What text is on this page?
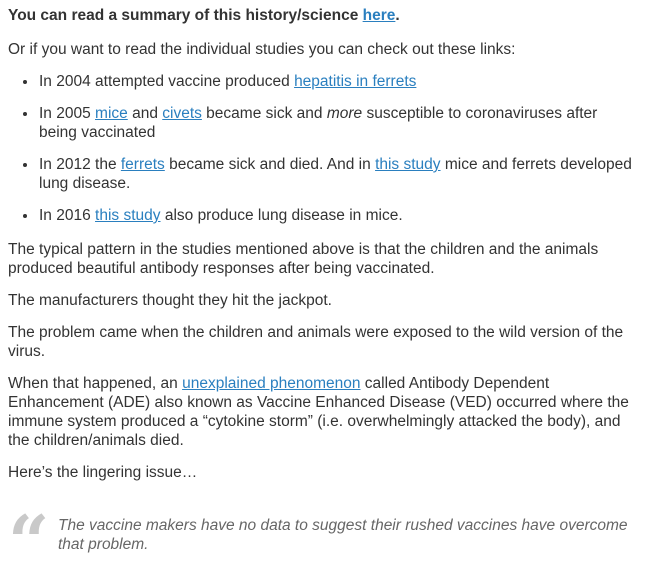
You can read a summary of this history/science here.

Or if you want to read the individual studies you can check out these links:

• In 2004 attempted vaccine produced hepatitis in ferrets
• In 2005 mice and civets became sick and more susceptible to coronaviruses after being vaccinated
• In 2012 the ferrets became sick and died. And in this study mice and ferrets developed lung disease.
• In 2016 this study also produce lung disease in mice.

The typical pattern in the studies mentioned above is that the children and the animals produced beautiful antibody responses after being vaccinated.

The manufacturers thought they hit the jackpot.

The problem came when the children and animals were exposed to the wild version of the virus.

When that happened, an unexplained phenomenon called Antibody Dependent Enhancement (ADE) also known as Vaccine Enhanced Disease (VED) occurred where the immune system produced a “cytokine storm” (i.e. overwhelmingly attacked the body), and the children/animals died.

Here’s the lingering issue…

“ The vaccine makers have no data to suggest their rushed vaccines have overcome that problem.
